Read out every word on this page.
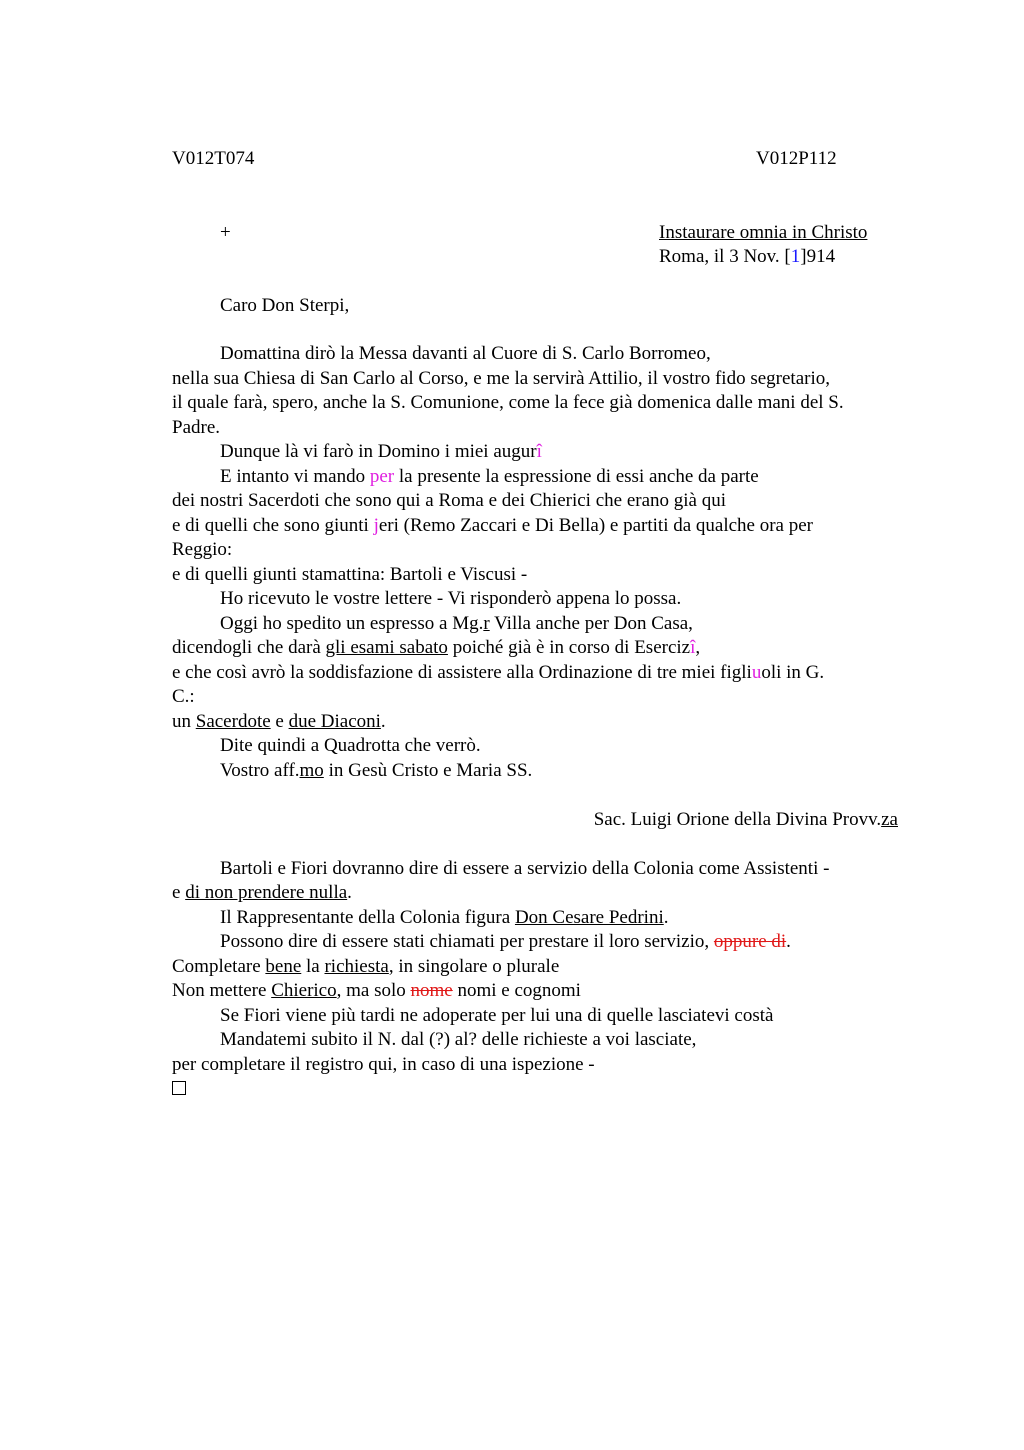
V012T074	V012P112
+	Instaurare omnia in Christo
Roma, il 3 Nov. [1]914
Caro Don Sterpi,
Domattina dirò la Messa davanti al Cuore di S. Carlo Borromeo,
nella sua Chiesa di San Carlo al Corso, e me la servirà Attilio, il vostro fido segretario,
il quale farà, spero, anche la S. Comunione, come la fece già domenica dalle mani del S.
Padre.
Dunque là vi farò in Domino i miei augurî
E intanto vi mando per la presente la espressione di essi anche da parte
dei nostri Sacerdoti che sono qui a Roma e dei Chierici che erano già qui
e di quelli che sono giunti jeri (Remo Zaccari e Di Bella) e partiti da qualche ora per
Reggio:
e di quelli giunti stamattina: Bartoli e Viscusi -
Ho ricevuto le vostre lettere - Vi risponderò appena lo possa.
Oggi ho spedito un espresso a Mg.r Villa anche per Don Casa,
dicendogli che darà gli esami sabato poiché già è in corso di Esercizî,
e che così avrò la soddisfazione di assistere alla Ordinazione di tre miei figliuoli in G.
C.:
un Sacerdote e due Diaconi.
Dite quindi a Quadrotta che verrò.
Vostro aff.mo in Gesù Cristo e Maria SS.
Sac. Luigi Orione della Divina Provv.za
Bartoli e Fiori dovranno dire di essere a servizio della Colonia come Assistenti -
e di non prendere nulla.
Il Rappresentante della Colonia figura Don Cesare Pedrini.
Possono dire di essere stati chiamati per prestare il loro servizio, oppure di.
Completare bene la richiesta, in singolare o plurale
Non mettere Chierico, ma solo nome nomi e cognomi
Se Fiori viene più tardi ne adoperate per lui una di quelle lasciatevi costà
Mandatemi subito il N. dal (?) al? delle richieste a voi lasciate,
per completare il registro qui, in caso di una ispezione -
